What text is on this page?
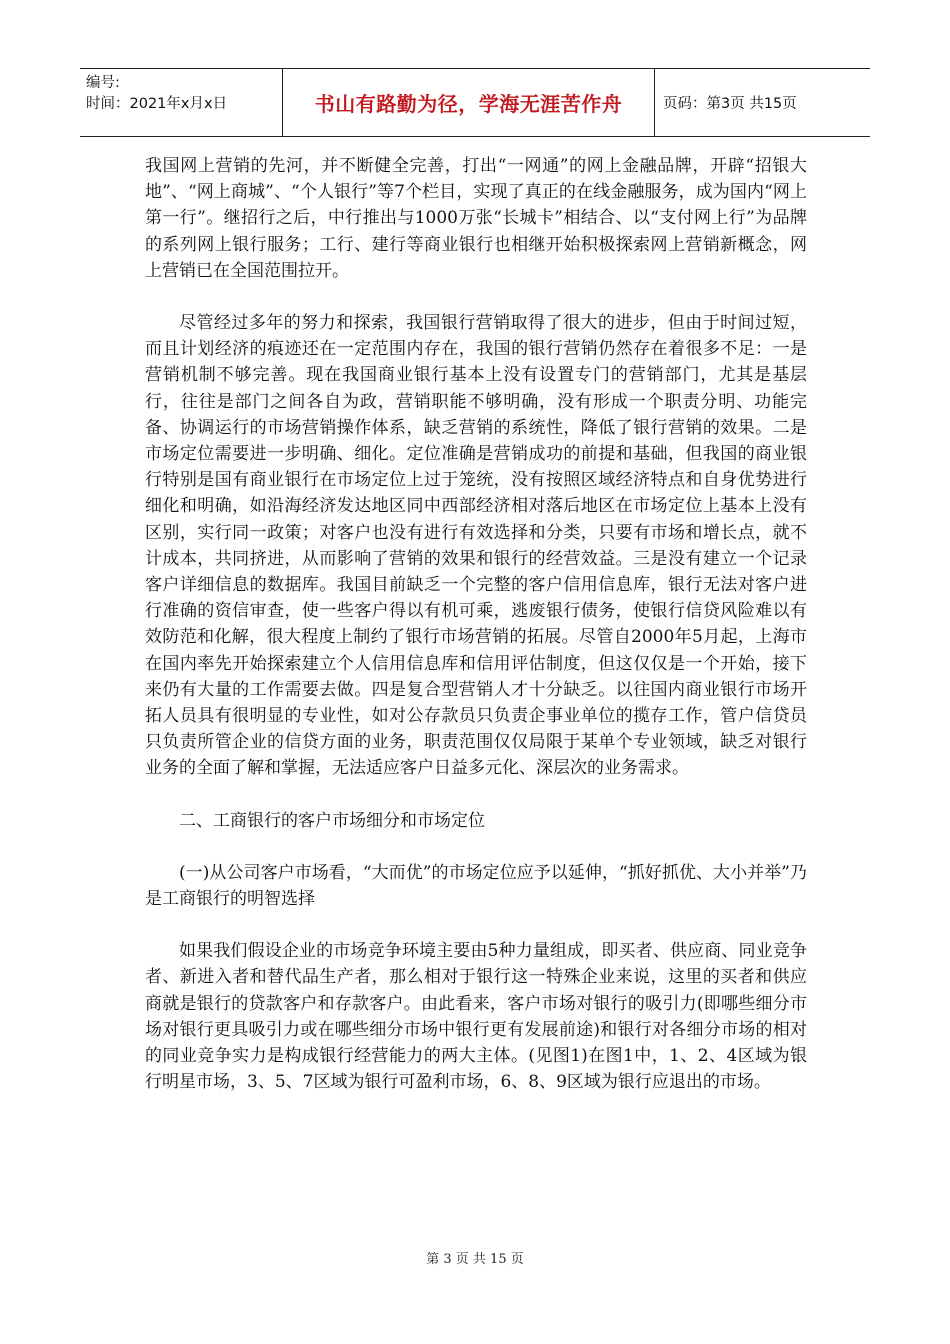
编号:
时间：2021年x月x日	书山有路勤为径，学海无涯苦作舟	页码：第3页 共15页

我国网上营销的先河，并不断健全完善，打出“一网通”的网上金融品牌，开辟“招银大地”、“网上商城”、“个人银行”等7个栏目，实现了真正的在线金融服务，成为国内“网上第一行”。继招行之后，中行推出与1000万张“长城卡”相结合、以“支付网上行”为品牌的系列网上银行服务；工行、建行等商业银行也相继开始积极探索网上营销新概念，网上营销已在全国范围拉开。

尽管经过多年的努力和探索，我国银行营销取得了很大的进步，但由于时间过短，而且计划经济的痕迹还在一定范围内存在，我国的银行营销仍然存在着很多不足：一是营销机制不够完善。现在我国商业银行基本上没有设置专门的营销部门，尤其是基层行，往往是部门之间各自为政，营销职能不够明确，没有形成一个职责分明、功能完备、协调运行的市场营销操作体系，缺乏营销的系统性，降低了银行营销的效果。二是市场定位需要进一步明确、细化。定位准确是营销成功的前提和基础，但我国的商业银行特别是国有商业银行在市场定位上过于笼统，没有按照区域经济特点和自身优势进行细化和明确，如沿海经济发达地区同中西部经济相对落后地区在市场定位上基本上没有区别，实行同一政策；对客户也没有进行有效选择和分类，只要有市场和增长点，就不计成本，共同挤进，从而影响了营销的效果和银行的经营效益。三是没有建立一个记录客户详细信息的数据库。我国目前缺乏一个完整的客户信用信息库，银行无法对客户进行准确的资信审查，使一些客户得以有机可乘，逃废银行债务，使银行信贷风险难以有效防范和化解，很大程度上制约了银行市场营销的拓展。尽管自2000年5月起，上海市在国内率先开始探索建立个人信用信息库和信用评估制度，但这仅仅是一个开始，接下来仍有大量的工作需要去做。四是复合型营销人才十分缺乏。以往国内商业银行市场开拓人员具有很明显的专业性，如对公存款员只负责企事业单位的揽存工作，管户信贷员只负责所管企业的信贷方面的业务，职责范围仅仅局限于某单个专业领域，缺乏对银行业务的全面了解和掌握，无法适应客户日益多元化、深层次的业务需求。

二、工商银行的客户市场细分和市场定位

(一)从公司客户市场看，“大而优”的市场定位应予以延伸，“抓好抓优、大小并举”乃是工商银行的明智选择

如果我们假设企业的市场竞争环境主要由5种力量组成，即买者、供应商、同业竞争者、新进入者和替代品生产者，那么相对于银行这一特殊企业来说，这里的买者和供应商就是银行的贷款客户和存款客户。由此看来，客户市场对银行的吸引力(即哪些细分市场对银行更具吸引力或在哪些细分市场中银行更有发展前途)和银行对各细分市场的相对的同业竞争实力是构成银行经营能力的两大主体。(见图1)在图1中，1、2、4区域为银行明星市场，3、5、7区域为银行可盈利市场，6、8、9区域为银行应退出的市场。

第 3 页 共 15 页
